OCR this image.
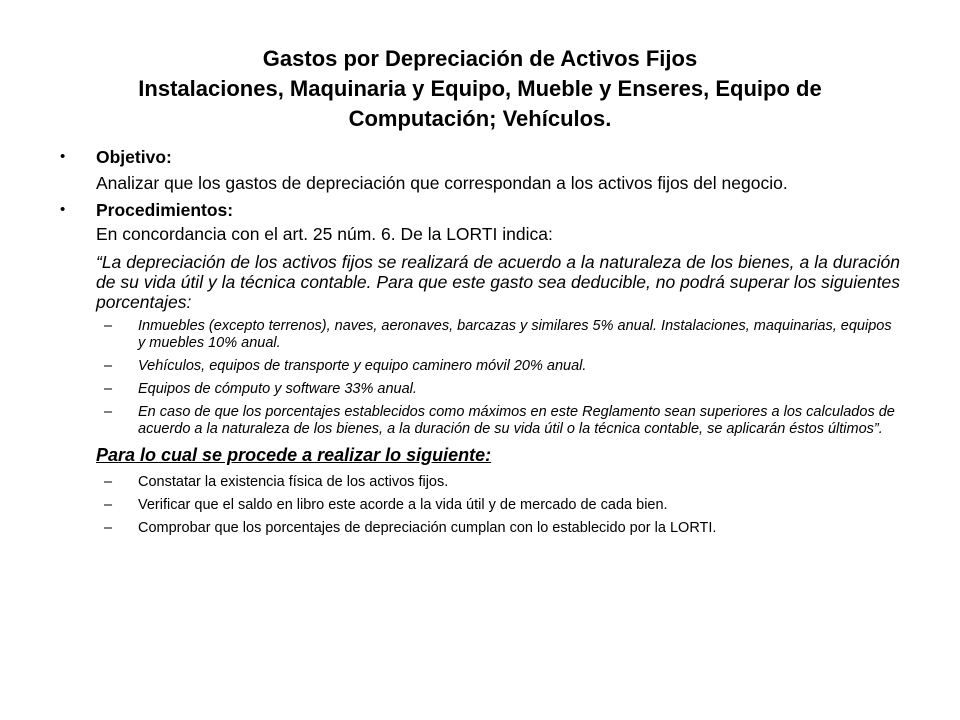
Gastos por Depreciación de Activos Fijos
Instalaciones, Maquinaria y Equipo, Mueble y Enseres, Equipo de
Computación; Vehículos.
• Objetivo:
Analizar que los gastos de depreciación que correspondan a los activos fijos del negocio.
• Procedimientos:
En concordancia con el art. 25 núm. 6. De la LORTI indica:
“La depreciación de los activos fijos se realizará de acuerdo a la naturaleza de los bienes, a la duración de su vida útil y la técnica contable. Para que este gasto sea deducible, no podrá superar los siguientes porcentajes:
– Inmuebles (excepto terrenos), naves, aeronaves, barcazas y similares 5% anual. Instalaciones, maquinarias, equipos y muebles 10% anual.
– Vehículos, equipos de transporte y equipo caminero móvil 20% anual.
– Equipos de cómputo y software 33% anual.
– En caso de que los porcentajes establecidos como máximos en este Reglamento sean superiores a los calculados de acuerdo a la naturaleza de los bienes, a la duración de su vida útil o la técnica contable, se aplicarán éstos últimos”.
Para lo cual se procede a realizar lo siguiente:
– Constatar la existencia física de los activos fijos.
– Verificar que el saldo en libro este acorde a la vida útil y de mercado de cada bien.
– Comprobar que los porcentajes de depreciación cumplan con lo establecido por la LORTI.
